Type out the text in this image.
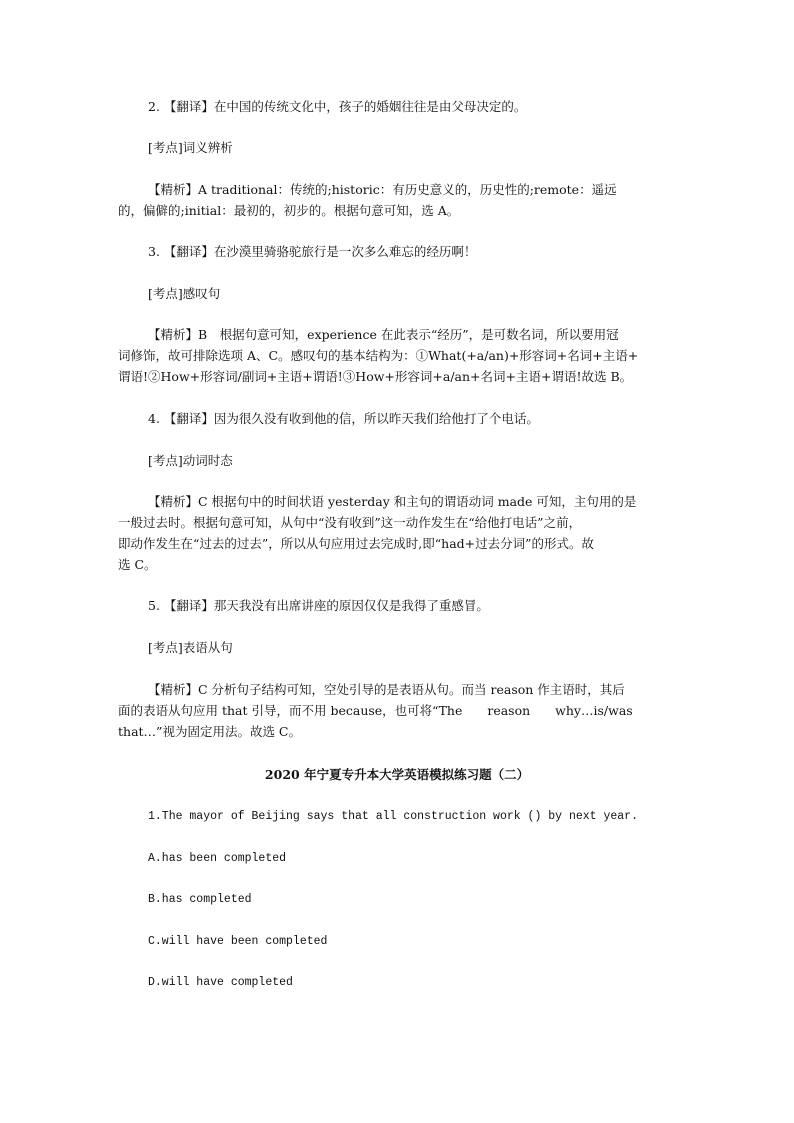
2. 【翻译】在中国的传统文化中，孩子的婚姻往往是由父母决定的。
[考点]词义辨析
【精析】A traditional：传统的;historic：有历史意义的，历史性的;remote：遥远
的，偏僻的;initial：最初的，初步的。根据句意可知，选 A。
3. 【翻译】在沙漠里骑骆驼旅行是一次多么难忘的经历啊！
[考点]感叹句
【精析】B　根据句意可知，experience 在此表示“经历”，是可数名词，所以要用冠
词修饰，故可排除选项 A、C。感叹句的基本结构为：①What(+a/an)+形容词+名词+主语+
谓语!②How+形容词/副词+主语+谓语!③How+形容词+a/an+名词+主语+谓语!故选 B。
4. 【翻译】因为很久没有收到他的信，所以昨天我们给他打了个电话。
[考点]动词时态
【精析】C 根据句中的时间状语 yesterday 和主句的谓语动词 made 可知，主句用的是
一般过去时。根据句意可知，从句中“没有收到”这一动作发生在“给他打电话”之前，
即动作发生在“过去的过去”，所以从句应用过去完成时,即“had+过去分词”的形式。故
选 C。
5. 【翻译】那天我没有出席讲座的原因仅仅是我得了重感冒。
[考点]表语从句
【精析】C 分析句子结构可知，空处引导的是表语从句。而当 reason 作主语时，其后
面的表语从句应用 that 引导，而不用 because，也可将“The　　reason　　why…is/was
that…”视为固定用法。故选 C。
2020 年宁夏专升本大学英语模拟练习题（二）
1.The mayor of Beijing says that all construction work () by next year.
A.has been completed
B.has completed
C.will have been completed
D.will have completed
